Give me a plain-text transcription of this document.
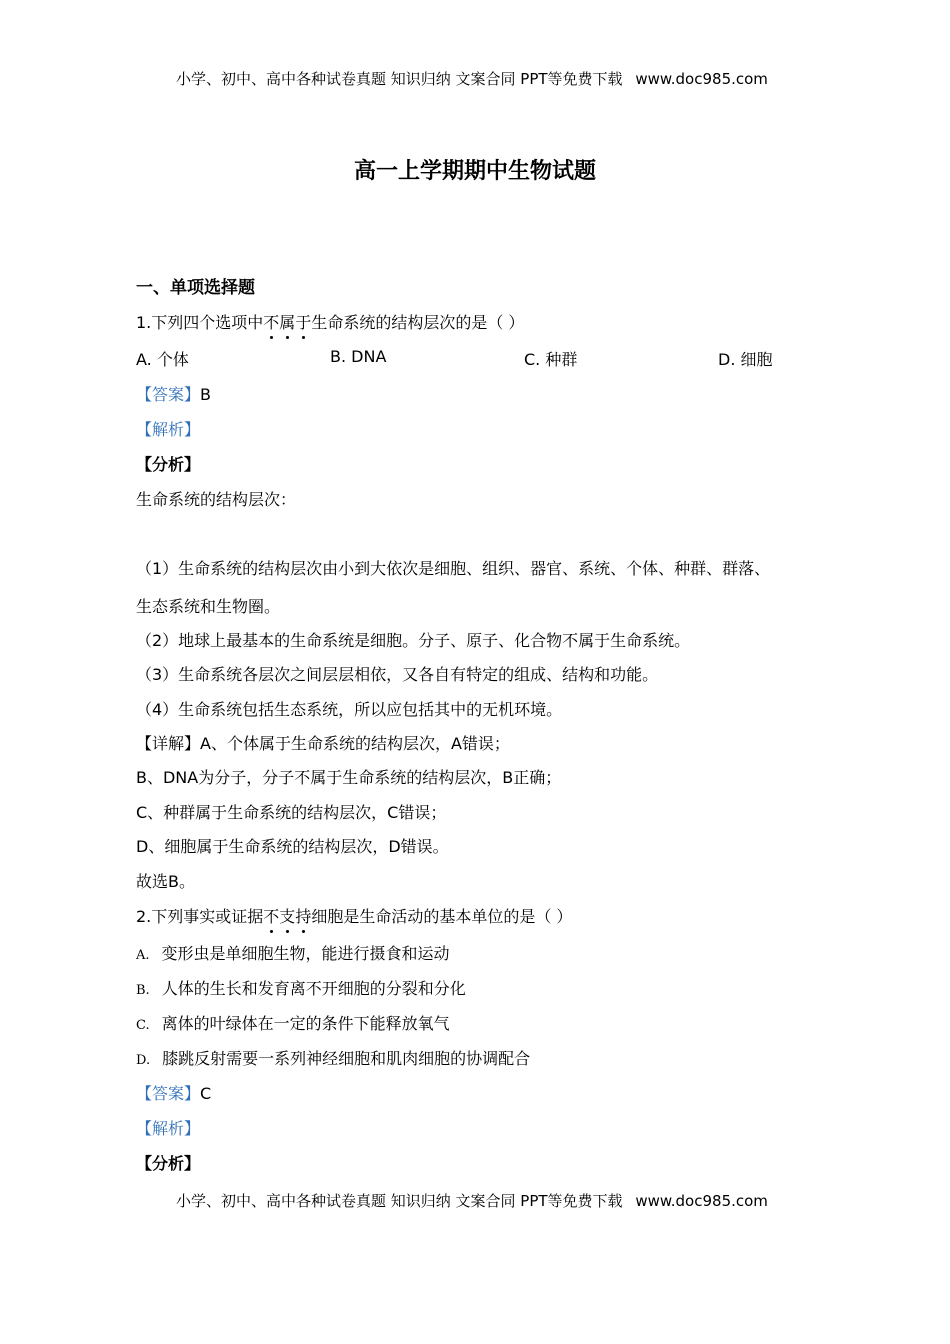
小学、初中、高中各种试卷真题 知识归纳 文案合同 PPT等免费下载 www.doc985.com
高一上学期期中生物试题
一、单项选择题
1.下列四个选项中不属于生命系统的结构层次的是（ ）
A. 个体	B. DNA	C. 种群	D. 细胞
【答案】B
【解析】
【分析】
生命系统的结构层次：
（1）生命系统的结构层次由小到大依次是细胞、组织、器官、系统、个体、种群、群落、
生态系统和生物圈。
（2）地球上最基本的生命系统是细胞。分子、原子、化合物不属于生命系统。
（3）生命系统各层次之间层层相依，又各自有特定的组成、结构和功能。
（4）生命系统包括生态系统，所以应包括其中的无机环境。
【详解】A、个体属于生命系统的结构层次，A错误；
B、DNA为分子，分子不属于生命系统的结构层次，B正确；
C、种群属于生命系统的结构层次，C错误；
D、细胞属于生命系统的结构层次，D错误。
故选B。
2.下列事实或证据不支持细胞是生命活动的基本单位的是（ ）
A. 变形虫是单细胞生物，能进行摄食和运动
B. 人体的生长和发育离不开细胞的分裂和分化
C. 离体的叶绿体在一定的条件下能释放氧气
D. 膝跳反射需要一系列神经细胞和肌肉细胞的协调配合
【答案】C
【解析】
【分析】
小学、初中、高中各种试卷真题 知识归纳 文案合同 PPT等免费下载 www.doc985.com
